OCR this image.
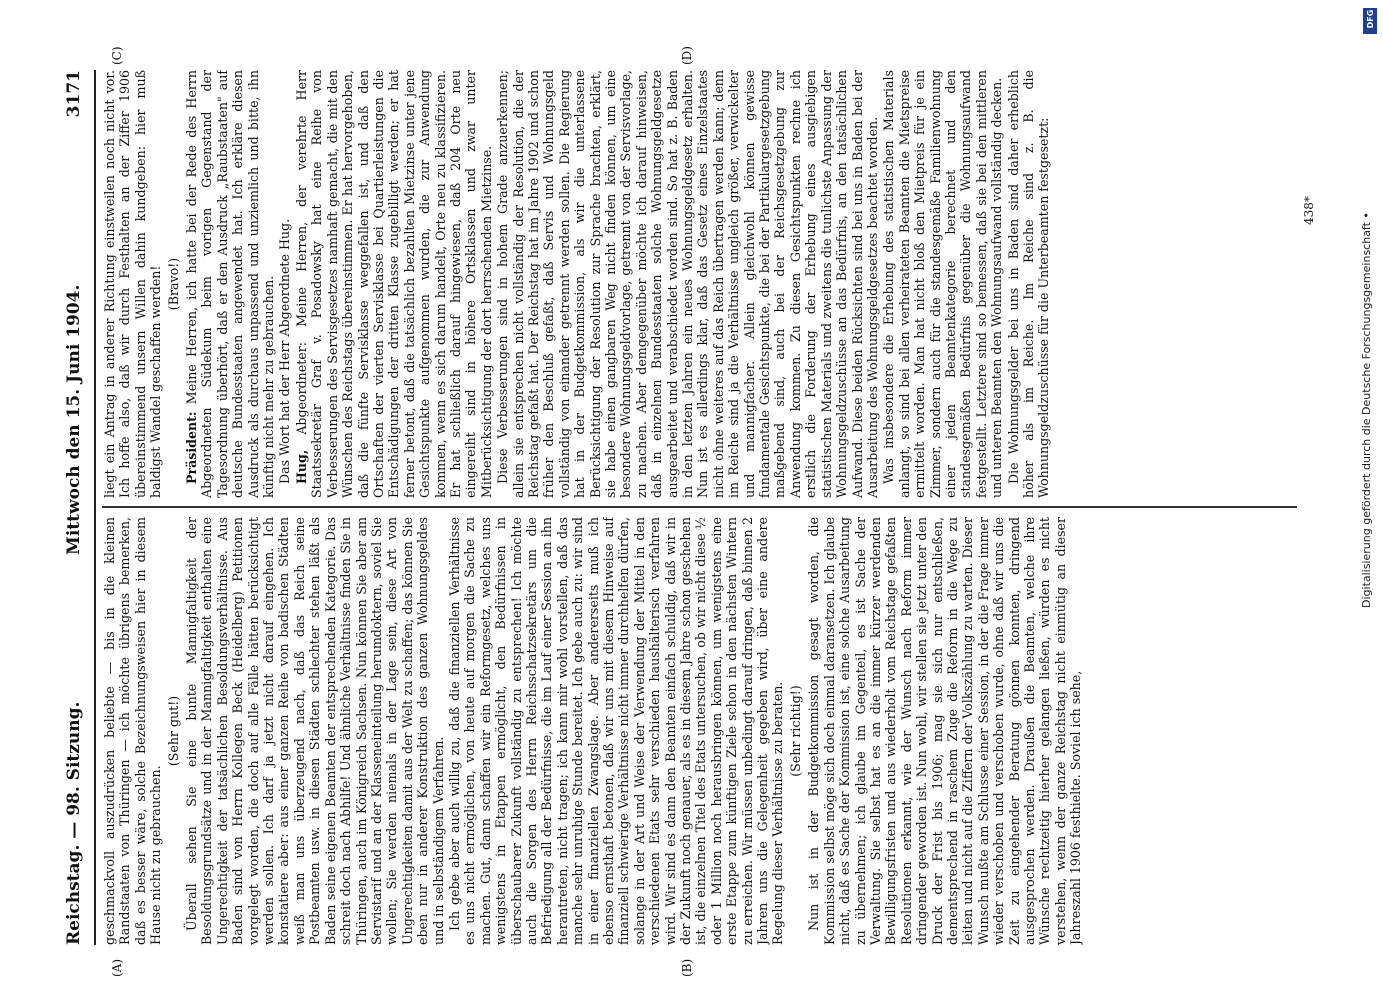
Reichstag. — 98. Sitzung.
Mittwoch den 15. Juni 1904.
3171
(A)	(B)
(C)	(D)

geschmackvoll auszudrücken beliebte — bis in die kleinen Randstaaten von Thüringen — ich möchte übrigens bemerken, daß es besser wäre, solche Bezeichnungsweisen hier in diesem Hause nicht zu gebrauchen.

(Sehr gut!) Überall sehen Sie eine bunte Mannigfaltigkeit der Besoldungsgrundsätze und in der Mannigfaltigkeit enthalten eine Ungerechtigkeit der tatsächlichen Besoldungsverhältnisse. Aus Baden sind von Herrn Kollegen Beck (Heidelberg) Petitionen vorgelegt worden, die doch auf alle Fälle hätten berücksichtigt werden sollen. Ich darf ja jetzt nicht darauf eingehen. Ich konstatiere aber: aus einer ganzen Reihe von badischen Städten weiß man uns überzeugend nach, daß das Reich seine Postbeamten usw. in diesen Städten schlechter stehen läßt als Baden seine eigenen Beamten der entsprechenden Kategorie. Das schreit doch nach Abhilfe! Und ähnliche Verhältnisse finden Sie in Thüringen, auch im Königreich Sachsen. Nun können Sie aber am Servistarif und an der Klasseneinteilung herumdoktern, soviel Sie wollen; Sie werden niemals in der Lage sein, diese Art von Ungerechtigkeiten damit aus der Welt zu schaffen; das können Sie eben nur in anderer Konstruktion des ganzen Wohnungsgeldes und in selbständigem Verfahren. Ich gebe aber auch willig zu, daß die finanziellen Verhältnisse es uns nicht ermöglichen, von heute auf morgen die Sache zu machen. Gut, dann schaffen wir ein Reformgesetz, welches uns wenigstens in Etappen ermöglicht, den Bedürfnissen in überschaubarer Zukunft vollständig zu entsprechen! Ich möchte auch die Sorgen des Herrn Reichsschatzsekretärs um die Befriedigung all der Bedürfnisse, die im Lauf einer Session an ihn herantreten, nicht tragen; ich kann mir wohl vorstellen, daß das manche sehr unruhige Stunde bereitet. Ich gebe auch zu: wir sind in einer finanziellen Zwangslage. Aber andererseits muß ich ebenso ernsthaft betonen, daß wir uns mit diesem Hinweise auf finanziell schwierige Verhältnisse nicht immer durchhelfen dürfen, solange in der Art und Weise der Verwendung der Mittel in den verschiedenen Etats sehr verschieden haushälterisch verfahren wird. Wir sind es dann den Beamten einfach schuldig, daß wir in der Zukunft noch genauer, als es in diesem Jahre schon geschehen ist, die einzelnen Titel des Etats untersuchen, ob wir nicht diese ½ oder 1 Million noch herausbringen können, um wenigstens eine erste Etappe zum künftigen Ziele schon in den nächsten Wintern zu erreichen. Wir müssen unbedingt darauf dringen, daß binnen 2 Jahren uns die Gelegenheit gegeben wird, über eine andere Regelung dieser Verhältnisse zu beraten. (Sehr richtig!) Nun ist in der Budgetkommission gesagt worden, die Kommission selbst möge sich doch einmal daransetzen. Ich glaube nicht, daß es Sache der Kommission ist, eine solche Ausarbeitung zu übernehmen; ich glaube im Gegenteil, es ist Sache der Verwaltung. Sie selbst hat es an die immer kürzer werdenden Bewilligungsfristen und aus wiederholt vom Reichstage gefaßten Resolutionen erkannt, wie der Wunsch nach Reform immer dringender geworden ist. Nun wohl, wir stellen sie jetzt unter den Druck der Frist bis 1906; mag sie sich nur entschließen, dementsprechend in raschem Zuge die Reform in die Wege zu leiten und nicht auf die Ziffern der Volkszählung zu warten. Dieser Wunsch mußte am Schlusse einer Session, in der die Frage immer wieder verschoben und verschoben wurde, ohne daß wir uns die Zeit zu eingehender Beratung gönnen konnten, dringend ausgesprochen werden. Draußen die Beamten, welche ihre Wünsche rechtzeitig hierher gelangen ließen, würden es nicht verstehen, wenn der ganze Reichstag nicht einmütig an dieser Jahreszahl 1906 festhielte. Soviel ich sehe,

liegt ein Antrag in anderer Richtung einstweilen noch nicht vor. Ich hoffe also, daß wir durch Festhalten an der Ziffer 1906 übereinstimmend unsern Willen dahin kundgeben: hier muß baldigst Wandel geschaffen werden! (Bravo!)

Präsident: Meine Herren, ich hatte bei der Rede des Herrn Abgeordneten Südekum beim vorigen Gegenstand der Tagesordnung überhört, daß er den Ausdruck „Raubstaaten" auf deutsche Bundesstaaten angewendet hat. Ich erkläre diesen Ausdruck als durchaus unpassend und unziemlich und bitte, ihn künftig nicht mehr zu gebrauchen. Das Wort hat der Herr Abgeordnete Hug. Hug, Abgeordneter: Meine Herren, der verehrte Herr Staatssekretär Graf v. Posadowsky hat eine Reihe von Verbesserungen des Servisgesetzes namhaft gemacht, die mit den Wünschen des Reichstags übereinstimmen. Er hat hervorgehoben, daß die fünfte Servisklasse weggefallen ist, und daß den Ortschaften der vierten Servisklasse bei Quartierleistungen die Entschädigungen der dritten Klasse zugebilligt werden; er hat ferner betont, daß die tatsächlich bezahlten Mietzinse unter jene Gesichtspunkte aufgenommen wurden, die zur Anwendung kommen, wenn es sich darum handelt, Orte neu zu klassifizieren. Er hat schließlich darauf hingewiesen, daß 204 Orte neu eingereiht sind in höhere Ortsklassen und zwar unter Mitberücksichtigung der dort herrschenden Mietzinse. Diese Verbesserungen sind in hohem Grade anzuerkennen; allein sie entsprechen nicht vollständig der Resolution, die der Reichstag gefaßt hat. Der Reichstag hat im Jahre 1902 und schon früher den Beschluß gefaßt, daß Servis und Wohnungsgeld vollständig von einander getrennt werden sollen. Die Regierung hat in der Budgetkommission, als wir die unterlassene Berücksichtigung der Resolution zur Sprache brachten, erklärt, sie habe einen gangbaren Weg nicht finden können, um eine besondere Wohnungsgeldvorlage, getrennt von der Servisvorlage, zu machen. Aber demgegenüber möchte ich darauf hinweisen, daß in einzelnen Bundesstaaten solche Wohnungsgeldgesetze ausgearbeitet und verabschiedet worden sind. So hat z. B. Baden in den letzten Jahren ein neues Wohnungsgeldgesetz erhalten. Nun ist es allerdings klar, daß das Gesetz eines Einzelstaates nicht ohne weiteres auf das Reich übertragen werden kann; denn im Reiche sind ja die Verhältnisse ungleich größer, verwickelter und mannigfacher. Allein gleichwohl können gewisse fundamentale Gesichtspunkte, die bei der Partikulargesetzgebung maßgebend sind, auch bei der Reichsgesetzgebung zur Anwendung kommen. Zu diesen Gesichtspunkten rechne ich erstlich die Forderung der Erhebung eines ausgiebigen statistischen Materials und zweitens die tunlichste Anpassung der Wohnungsgeldzuschüsse an das Bedürfnis, an den tatsächlichen Aufwand. Diese beiden Rücksichten sind bei uns in Baden bei der Ausarbeitung des Wohnungsgeldgesetzes beachtet worden. Was insbesondere die Erhebung des statistischen Materials anlangt, so sind bei allen verheirateten Beamten die Mietspreise ermittelt worden. Man hat nicht bloß den Mietpreis für je ein Zimmer, sondern auch für die standesgemäße Familienwohnung einer jeden Beamtenkategorie berechnet und den standesgemäßen Bedürfnis gegenüber die Wohnungsaufwand festgestellt. Letztere sind so bemessen, daß sie bei den mittleren und unteren Beamten den Wohnungsaufwand vollständig decken. Die Wohnungsgelder bei uns in Baden sind daher erheblich höher als im Reiche. Im Reiche sind z. B. die Wohnungsgeldzuschüsse für die Unterbeamten festgesetzt:	438*
Digitalisierung gefördert durch die Deutsche Forschungsgemeinschaft •
DFG
